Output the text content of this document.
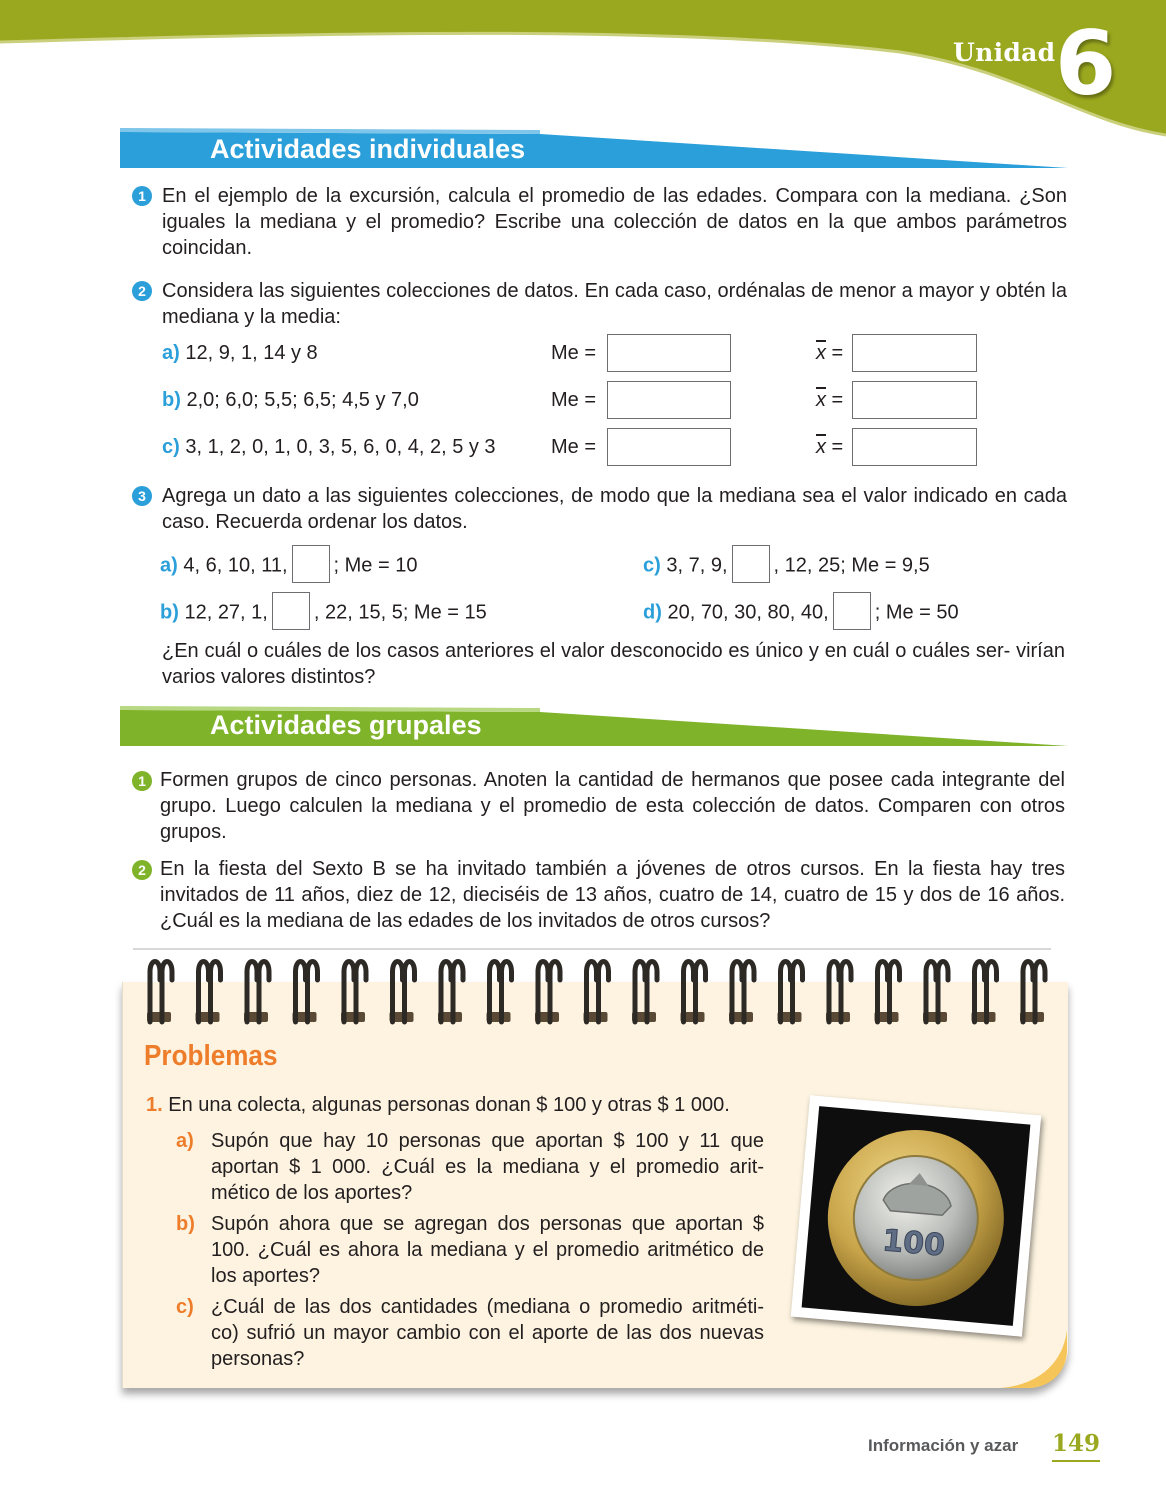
Unidad 6
Actividades individuales
1 En el ejemplo de la excursión, calcula el promedio de las edades. Compara con la mediana. ¿Son iguales la mediana y el promedio? Escribe una colección de datos en la que ambos parámetros coincidan.
2 Considera las siguientes colecciones de datos. En cada caso, ordénalas de menor a mayor y obtén la mediana y la media:
a) 12, 9, 1, 14 y 8	Me =	$\overline{x}$ =
b) 2,0; 6,0; 5,5; 6,5; 4,5 y 7,0	Me =	$\overline{x}$ =
c) 3, 1, 2, 0, 1, 0, 3, 5, 6, 0, 4, 2, 5 y 3	Me =	$\overline{x}$ =
3 Agrega un dato a las siguientes colecciones, de modo que la mediana sea el valor indicado en cada caso. Recuerda ordenar los datos.
a) 4, 6, 10, 11, ; Me = 10
b) 12, 27, 1, , 22, 15, 5; Me = 15
c) 3, 7, 9, , 12, 25; Me = 9,5
d) 20, 70, 30, 80, 40, ; Me = 50
¿En cuál o cuáles de los casos anteriores el valor desconocido es único y en cuál o cuáles ser- virían varios valores distintos?
Actividades grupales
1 Formen grupos de cinco personas. Anoten la cantidad de hermanos que posee cada integrante del grupo. Luego calculen la mediana y el promedio de esta colección de datos. Comparen con otros grupos.
2 En la fiesta del Sexto B se ha invitado también a jóvenes de otros cursos. En la fiesta hay tres invitados de 11 años, diez de 12, dieciséis de 13 años, cuatro de 14, cuatro de 15 y dos de 16 años. ¿Cuál es la mediana de las edades de los invitados de otros cursos?
Problemas
1. En una colecta, algunas personas donan $ 100 y otras $ 1 000.
a) Supón que hay 10 personas que aportan $ 100 y 11 que aportan $ 1 000. ¿Cuál es la mediana y el promedio arit- mético de los aportes?
b) Supón ahora que se agregan dos personas que aportan $ 100. ¿Cuál es ahora la mediana y el promedio aritmético de los aportes?
c) ¿Cuál de las dos cantidades (mediana o promedio aritméti- co) sufrió un mayor cambio con el aporte de las dos nuevas personas?
100
Información y azar 149
